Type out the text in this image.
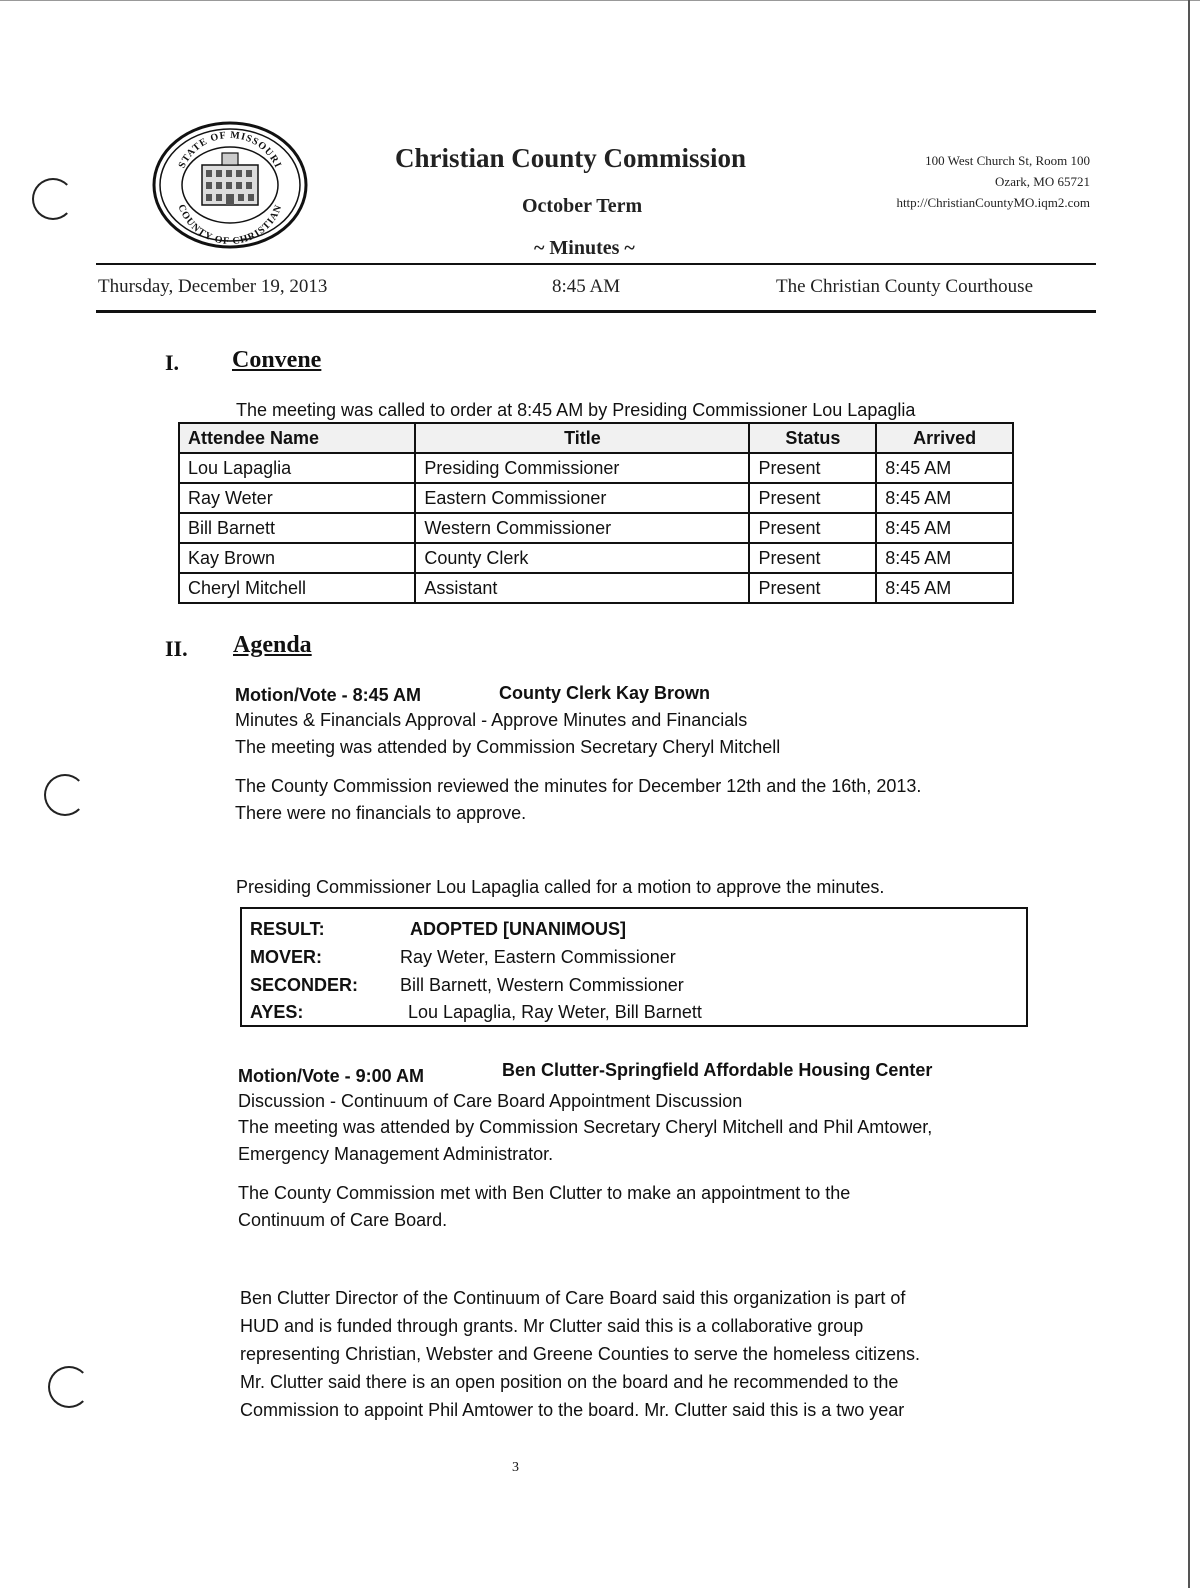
STATE OF MISSOURI
COUNTY OF CHRISTIAN
Christian County Commission
October Term
~ Minutes ~
100 West Church St, Room 100
Ozark, MO 65721
http://ChristianCountyMO.iqm2.com
Thursday, December 19, 2013	8:45 AM	The Christian County Courthouse
I. Convene
The meeting was called to order at 8:45 AM by Presiding Commissioner Lou Lapaglia
Attendee Name	Title	Status	Arrived
Lou Lapaglia	Presiding Commissioner	Present	8:45 AM
Ray Weter	Eastern Commissioner	Present	8:45 AM
Bill Barnett	Western Commissioner	Present	8:45 AM
Kay Brown	County Clerk	Present	8:45 AM
Cheryl Mitchell	Assistant	Present	8:45 AM
II. Agenda
Motion/Vote - 8:45 AM	County Clerk Kay Brown
Minutes & Financials Approval - Approve Minutes and Financials
The meeting was attended by Commission Secretary Cheryl Mitchell
The County Commission reviewed the minutes for December 12th and the 16th, 2013.
There were no financials to approve.
Presiding Commissioner Lou Lapaglia called for a motion to approve the minutes.
RESULT:	ADOPTED [UNANIMOUS]
MOVER:	Ray Weter, Eastern Commissioner
SECONDER:	Bill Barnett, Western Commissioner
AYES:	Lou Lapaglia, Ray Weter, Bill Barnett
Motion/Vote - 9:00 AM	Ben Clutter-Springfield Affordable Housing Center
Discussion - Continuum of Care Board Appointment Discussion
The meeting was attended by Commission Secretary Cheryl Mitchell and Phil Amtower,
Emergency Management Administrator.
The County Commission met with Ben Clutter to make an appointment to the
Continuum of Care Board.
Ben Clutter Director of the Continuum of Care Board said this organization is part of
HUD and is funded through grants. Mr Clutter said this is a collaborative group
representing Christian, Webster and Greene Counties to serve the homeless citizens.
Mr. Clutter said there is an open position on the board and he recommended to the
Commission to appoint Phil Amtower to the board. Mr. Clutter said this is a two year
3
